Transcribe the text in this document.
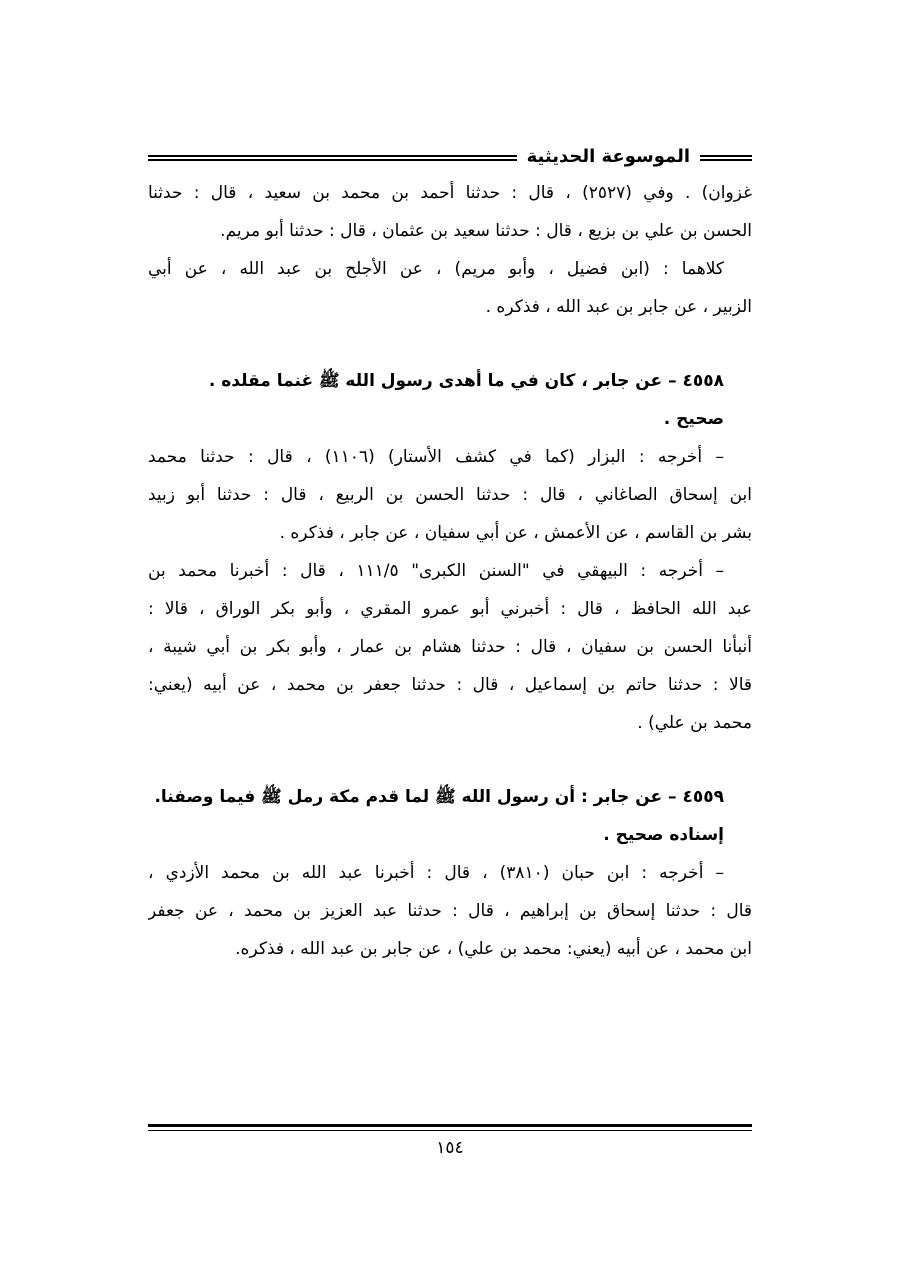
الموسوعة الحديثية
غزوان) . وفي (٢٥٢٧) ، قال : حدثنا أحمد بن محمد بن سعيد ، قال : حدثنا
الحسن بن علي بن بزيع ، قال : حدثنا سعيد بن عثمان ، قال : حدثنا أبو مريم.
كلاهما : (ابن فضيل ، وأبو مريم) ، عن الأجلح بن عبد الله ، عن أبي
الزبير ، عن جابر بن عبد الله ، فذكره .
٤٥٥٨ – عن جابر ، كان في ما أهدى رسول الله ﷺ غنما مقلده .
صحيح .
– أخرجه : البزار (كما في كشف الأستار) (١١٠٦) ، قال : حدثنا محمد
ابن إسحاق الصاغاني ، قال : حدثنا الحسن بن الربيع ، قال : حدثنا أبو زبيد
بشر بن القاسم ، عن الأعمش ، عن أبي سفيان ، عن جابر ، فذكره .
– أخرجه : البيهقي في "السنن الكبرى" ١١١/٥ ، قال : أخبرنا محمد بن
عبد الله الحافظ ، قال : أخبرني أبو عمرو المقري ، وأبو بكر الوراق ، قالا :
أنبأنا الحسن بن سفيان ، قال : حدثنا هشام بن عمار ، وأبو بكر بن أبي شيبة ،
قالا : حدثنا حاتم بن إسماعيل ، قال : حدثنا جعفر بن محمد ، عن أبيه (يعني:
محمد بن علي) .
٤٥٥٩ – عن جابر : أن رسول الله ﷺ لما قدم مكة رمل ﷺ فيما وصفنا.
إسناده صحيح .
– أخرجه : ابن حبان (٣٨١٠) ، قال : أخبرنا عبد الله بن محمد الأزدي ،
قال : حدثنا إسحاق بن إبراهيم ، قال : حدثنا عبد العزيز بن محمد ، عن جعفر
ابن محمد ، عن أبيه (يعني: محمد بن علي) ، عن جابر بن عبد الله ، فذكره.
١٥٤
